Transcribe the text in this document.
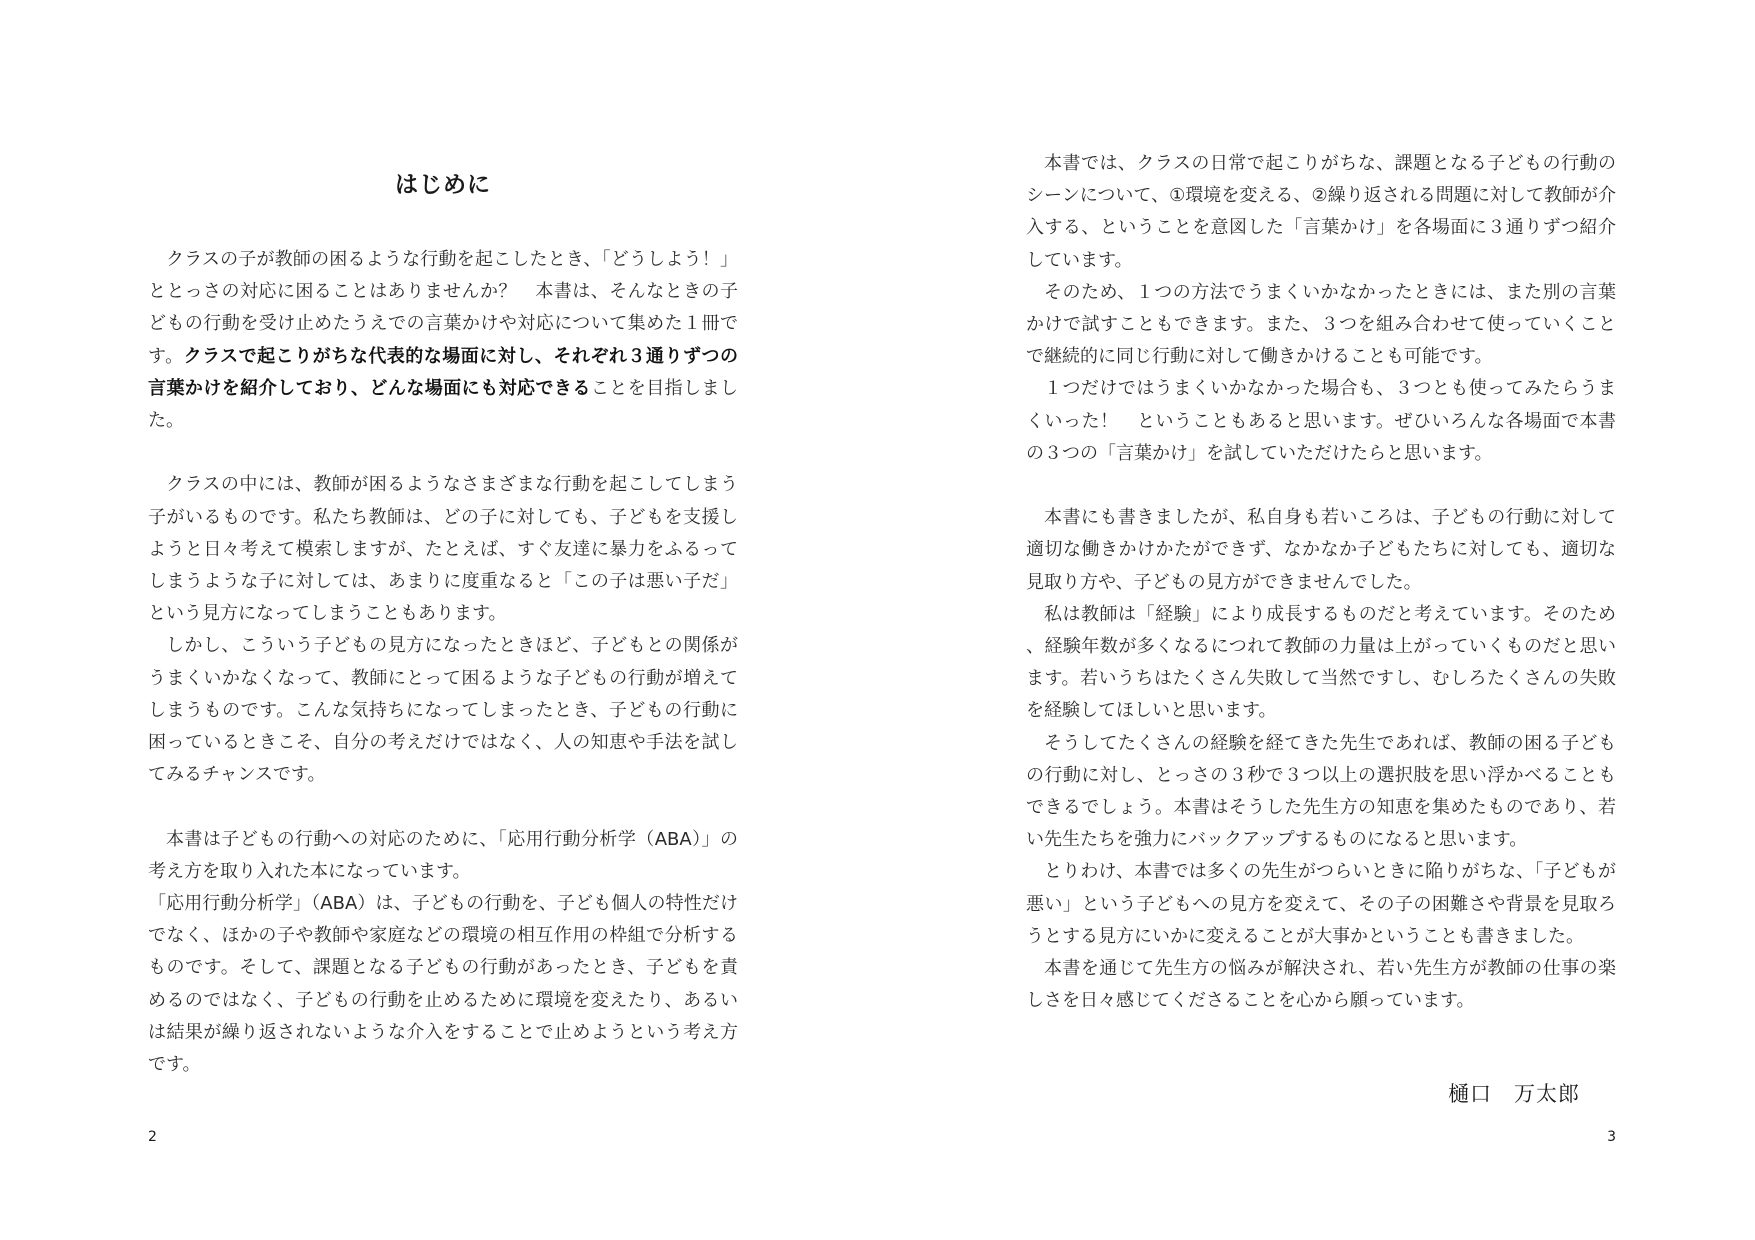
はじめに

クラスの子が教師の困るような行動を起こしたとき、「どうしよう！」ととっさの対応に困ることはありませんか？　本書は、そんなときの子どもの行動を受け止めたうえでの言葉かけや対応について集めた１冊です。クラスで起こりがちな代表的な場面に対し、それぞれ３通りずつの言葉かけを紹介しており、どんな場面にも対応できることを目指しました。

クラスの中には、教師が困るようなさまざまな行動を起こしてしまう子がいるものです。私たち教師は、どの子に対しても、子どもを支援しようと日々考えて模索しますが、たとえば、すぐ友達に暴力をふるってしまうような子に対しては、あまりに度重なると「この子は悪い子だ」という見方になってしまうこともあります。

しかし、こういう子どもの見方になったときほど、子どもとの関係がうまくいかなくなって、教師にとって困るような子どもの行動が増えてしまうものです。こんな気持ちになってしまったとき、子どもの行動に困っているときこそ、自分の考えだけではなく、人の知恵や手法を試してみるチャンスです。

本書は子どもの行動への対応のために、「応用行動分析学（ABA）」の考え方を取り入れた本になっています。

「応用行動分析学」（ABA）は、子どもの行動を、子ども個人の特性だけでなく、ほかの子や教師や家庭などの環境の相互作用の枠組で分析するものです。そして、課題となる子どもの行動があったとき、子どもを責めるのではなく、子どもの行動を止めるために環境を変えたり、あるいは結果が繰り返されないような介入をすることで止めようという考え方です。

2

本書では、クラスの日常で起こりがちな、課題となる子どもの行動のシーンについて、①環境を変える、②繰り返される問題に対して教師が介入する、ということを意図した「言葉かけ」を各場面に３通りずつ紹介しています。

そのため、１つの方法でうまくいかなかったときには、また別の言葉かけで試すこともできます。また、３つを組み合わせて使っていくことで継続的に同じ行動に対して働きかけることも可能です。

１つだけではうまくいかなかった場合も、３つとも使ってみたらうまくいった！　ということもあると思います。ぜひいろんな各場面で本書の３つの「言葉かけ」を試していただけたらと思います。

本書にも書きましたが、私自身も若いころは、子どもの行動に対して適切な働きかけかたができず、なかなか子どもたちに対しても、適切な見取り方や、子どもの見方ができませんでした。

私は教師は「経験」により成長するものだと考えています。そのため、経験年数が多くなるにつれて教師の力量は上がっていくものだと思います。若いうちはたくさん失敗して当然ですし、むしろたくさんの失敗を経験してほしいと思います。

そうしてたくさんの経験を経てきた先生であれば、教師の困る子どもの行動に対し、とっさの３秒で３つ以上の選択肢を思い浮かべることもできるでしょう。本書はそうした先生方の知恵を集めたものであり、若い先生たちを強力にバックアップするものになると思います。

とりわけ、本書では多くの先生がつらいときに陥りがちな、「子どもが悪い」という子どもへの見方を変えて、その子の困難さや背景を見取ろうとする見方にいかに変えることが大事かということも書きました。

本書を通じて先生方の悩みが解決され、若い先生方が教師の仕事の楽しさを日々感じてくださることを心から願っています。

樋口　万太郎
3
